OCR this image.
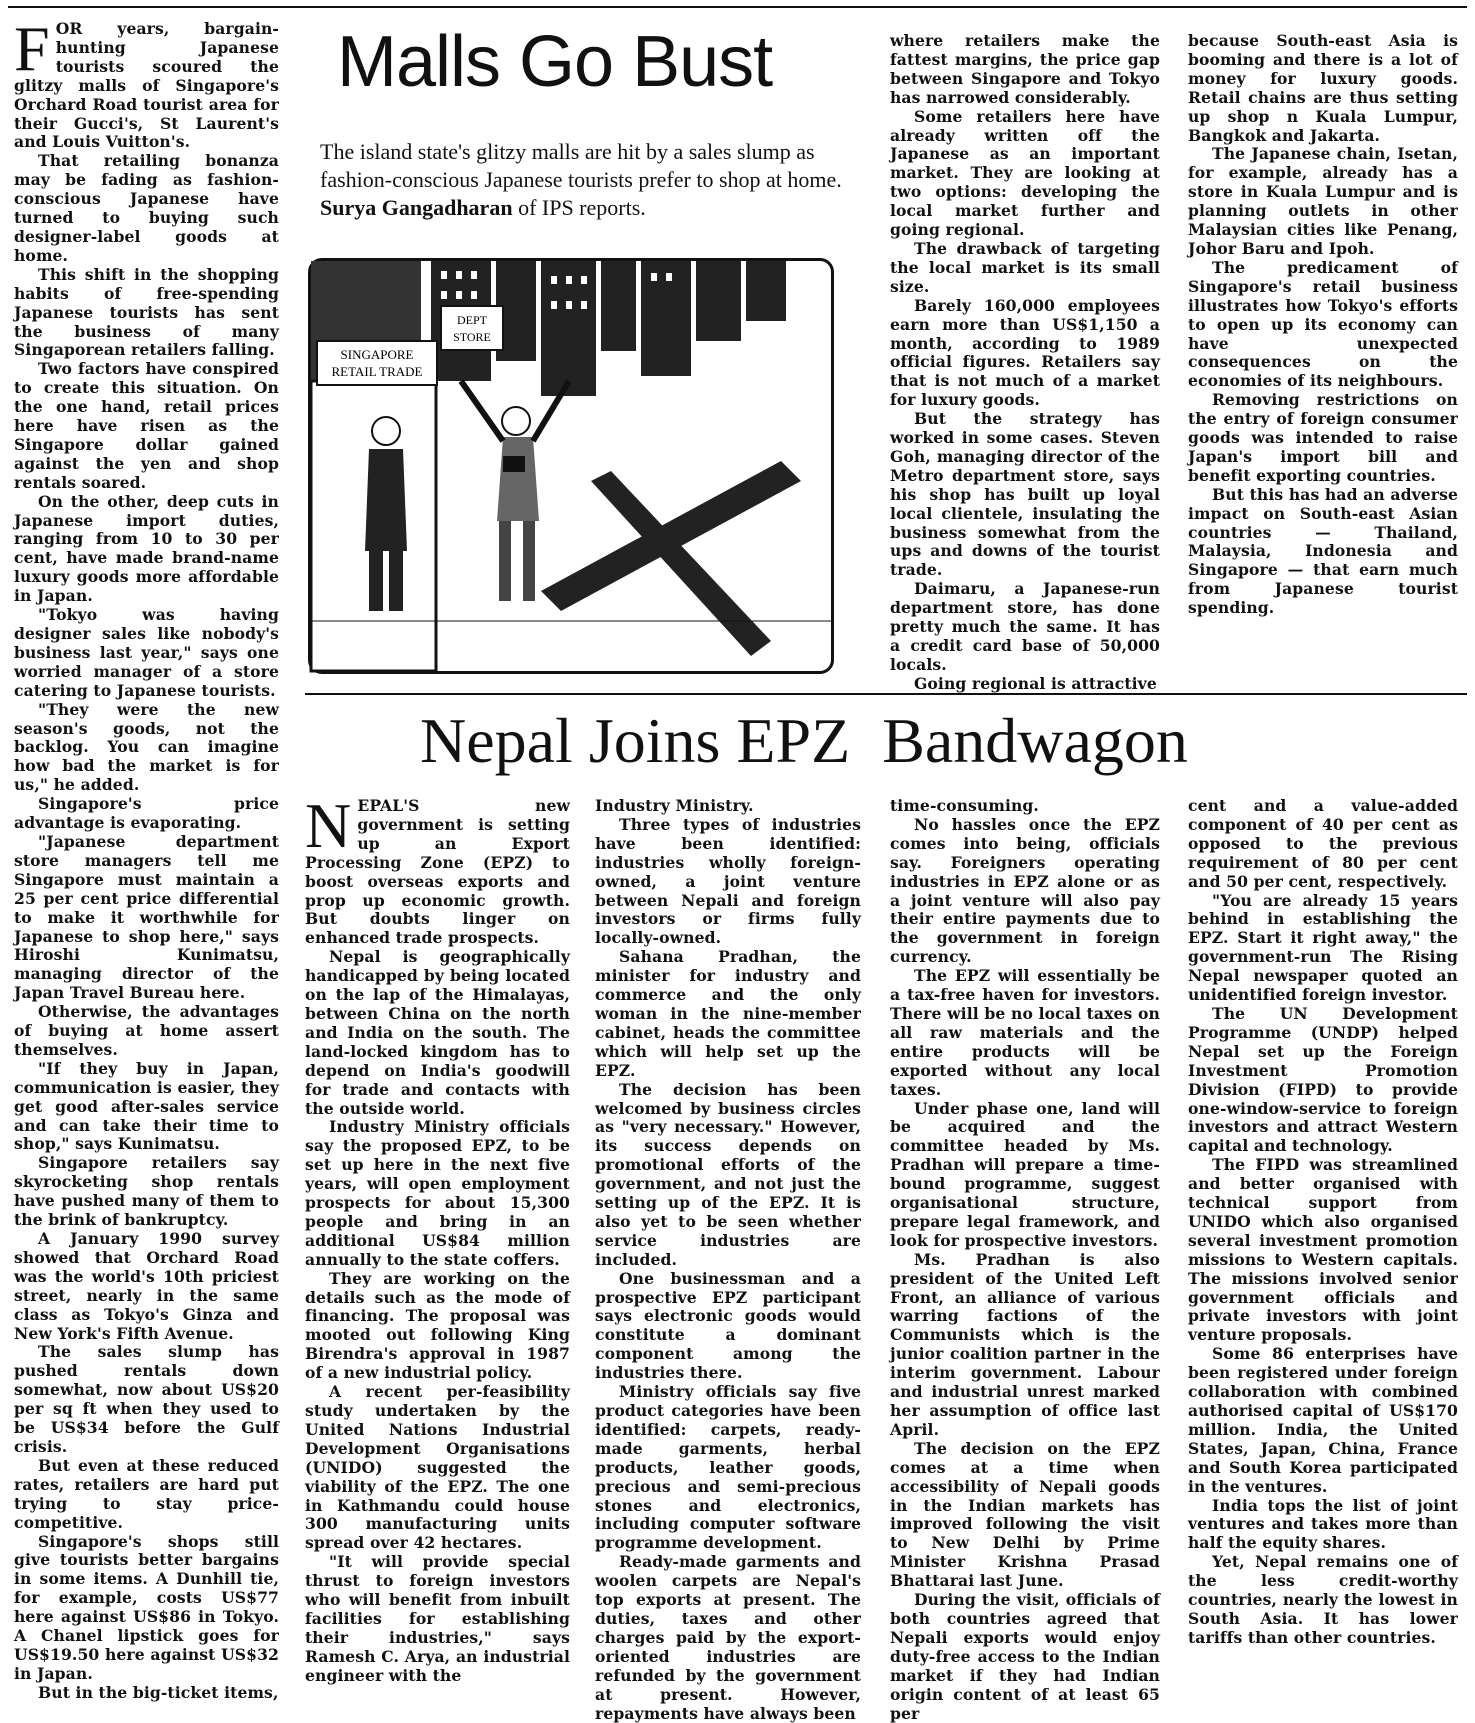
F OR years, bargain-hunting Japanese tourists scoured the glitzy malls of Singapore's Orchard Road tourist area for their Gucci's, St Laurent's and Louis Vuitton's.

That retailing bonanza may be fading as fashion-conscious Japanese have turned to buying such designer-label goods at home.

This shift in the shopping habits of free-spending Japanese tourists has sent the business of many Singaporean retailers falling.

Two factors have conspired to create this situation. On the one hand, retail prices here have risen as the Singapore dollar gained against the yen and shop rentals soared.

On the other, deep cuts in Japanese import duties, ranging from 10 to 30 per cent, have made brand-name luxury goods more affordable in Japan.

"Tokyo was having designer sales like nobody's business last year," says one worried manager of a store catering to Japanese tourists.

"They were the new season's goods, not the backlog. You can imagine how bad the market is for us," he added.

Singapore's price advantage is evaporating.

"Japanese department store managers tell me Singapore must maintain a 25 per cent price differential to make it worthwhile for Japanese to shop here," says Hiroshi Kunimatsu, managing director of the Japan Travel Bureau here.

Otherwise, the advantages of buying at home assert themselves.

"If they buy in Japan, communication is easier, they get good after-sales service and can take their time to shop," says Kunimatsu.

Singapore retailers say skyrocketing shop rentals have pushed many of them to the brink of bankruptcy.

A January 1990 survey showed that Orchard Road was the world's 10th priciest street, nearly in the same class as Tokyo's Ginza and New York's Fifth Avenue.

The sales slump has pushed rentals down somewhat, now about US$20 per sq ft when they used to be US$34 before the Gulf crisis.

But even at these reduced rates, retailers are hard put trying to stay price-competitive.

Singapore's shops still give tourists better bargains in some items. A Dunhill tie, for example, costs US$77 here against US$86 in Tokyo. A Chanel lipstick goes for US$19.50 here against US$32 in Japan.

But in the big-ticket items,

Malls Go Bust
The island state's glitzy malls are hit by a sales slump as fashion-conscious Japanese tourists prefer to shop at home. Surya Gangadharan of IPS reports.
SINGAPORE
RETAIL TRADE
DEPT
STORE

where retailers make the fattest margins, the price gap between Singapore and Tokyo has narrowed considerably.

Some retailers here have already written off the Japanese as an important market. They are looking at two options: developing the local market further and going regional.

The drawback of targeting the local market is its small size.

Barely 160,000 employees earn more than US$1,150 a month, according to 1989 official figures. Retailers say that is not much of a market for luxury goods.

But the strategy has worked in some cases. Steven Goh, managing director of the Metro department store, says his shop has built up loyal local clientele, insulating the business somewhat from the ups and downs of the tourist trade.

Daimaru, a Japanese-run department store, has done pretty much the same. It has a credit card base of 50,000 locals.

Going regional is attractive

because South-east Asia is booming and there is a lot of money for luxury goods. Retail chains are thus setting up shop n Kuala Lumpur, Bangkok and Jakarta.

The Japanese chain, Isetan, for example, already has a store in Kuala Lumpur and is planning outlets in other Malaysian cities like Penang, Johor Baru and Ipoh.

The predicament of Singapore's retail business illustrates how Tokyo's efforts to open up its economy can have unexpected consequences on the economies of its neighbours.

Removing restrictions on the entry of foreign consumer goods was intended to raise Japan's import bill and benefit exporting countries.

But this has had an adverse impact on South-east Asian countries — Thailand, Malaysia, Indonesia and Singapore — that earn much from Japanese tourist spending.

Nepal Joins EPZ  Bandwagon
N EPAL'S new government is setting up an Export Processing Zone (EPZ) to boost overseas exports and prop up economic growth. But doubts linger on enhanced trade prospects.

Nepal is geographically handicapped by being located on the lap of the Himalayas, between China on the north and India on the south. The land-locked kingdom has to depend on India's goodwill for trade and contacts with the outside world.

Industry Ministry officials say the proposed EPZ, to be set up here in the next five years, will open employment prospects for about 15,300 people and bring in an additional US$84 million annually to the state coffers.

They are working on the details such as the mode of financing. The proposal was mooted out following King Birendra's approval in 1987 of a new industrial policy.

A recent per-feasibility study undertaken by the United Nations Industrial Development Organisations (UNIDO) suggested the viability of the EPZ. The one in Kathmandu could house 300 manufacturing units spread over 42 hectares.

"It will provide special thrust to foreign investors who will benefit from inbuilt facilities for establishing their industries," says Ramesh C. Arya, an industrial engineer with the

Industry Ministry.

Three types of industries have been identified: industries wholly foreign-owned, a joint venture between Nepali and foreign investors or firms fully locally-owned.

Sahana Pradhan, the minister for industry and commerce and the only woman in the nine-member cabinet, heads the committee which will help set up the EPZ.

The decision has been welcomed by business circles as "very necessary." However, its success depends on promotional efforts of the government, and not just the setting up of the EPZ. It is also yet to be seen whether service industries are included.

One businessman and a prospective EPZ participant says electronic goods would constitute a dominant component among the industries there.

Ministry officials say five product categories have been identified: carpets, ready-made garments, herbal products, leather goods, precious and semi-precious stones and electronics, including computer software programme development.

Ready-made garments and woolen carpets are Nepal's top exports at present. The duties, taxes and other charges paid by the export-oriented industries are refunded by the government at present. However, repayments have always been

time-consuming.

No hassles once the EPZ comes into being, officials say. Foreigners operating industries in EPZ alone or as a joint venture will also pay their entire payments due to the government in foreign currency.

The EPZ will essentially be a tax-free haven for investors. There will be no local taxes on all raw materials and the entire products will be exported without any local taxes.

Under phase one, land will be acquired and the committee headed by Ms. Pradhan will prepare a time-bound programme, suggest organisational structure, prepare legal framework, and look for prospective investors.

Ms. Pradhan is also president of the United Left Front, an alliance of various warring factions of the Communists which is the junior coalition partner in the interim government. Labour and industrial unrest marked her assumption of office last April.

The decision on the EPZ comes at a time when accessibility of Nepali goods in the Indian markets has improved following the visit to New Delhi by Prime Minister Krishna Prasad Bhattarai last June.

During the visit, officials of both countries agreed that Nepali exports would enjoy duty-free access to the Indian market if they had Indian origin content of at least 65 per

cent and a value-added component of 40 per cent as opposed to the previous requirement of 80 per cent and 50 per cent, respectively.

"You are already 15 years behind in establishing the EPZ. Start it right away," the government-run The Rising Nepal newspaper quoted an unidentified foreign investor.

The UN Development Programme (UNDP) helped Nepal set up the Foreign Investment Promotion Division (FIPD) to provide one-window-service to foreign investors and attract Western capital and technology.

The FIPD was streamlined and better organised with technical support from UNIDO which also organised several investment promotion missions to Western capitals. The missions involved senior government officials and private investors with joint venture proposals.

Some 86 enterprises have been registered under foreign collaboration with combined authorised capital of US$170 million. India, the United States, Japan, China, France and South Korea participated in the ventures.

India tops the list of joint ventures and takes more than half the equity shares.

Yet, Nepal remains one of the less credit-worthy countries, nearly the lowest in South Asia. It has lower tariffs than other countries.
